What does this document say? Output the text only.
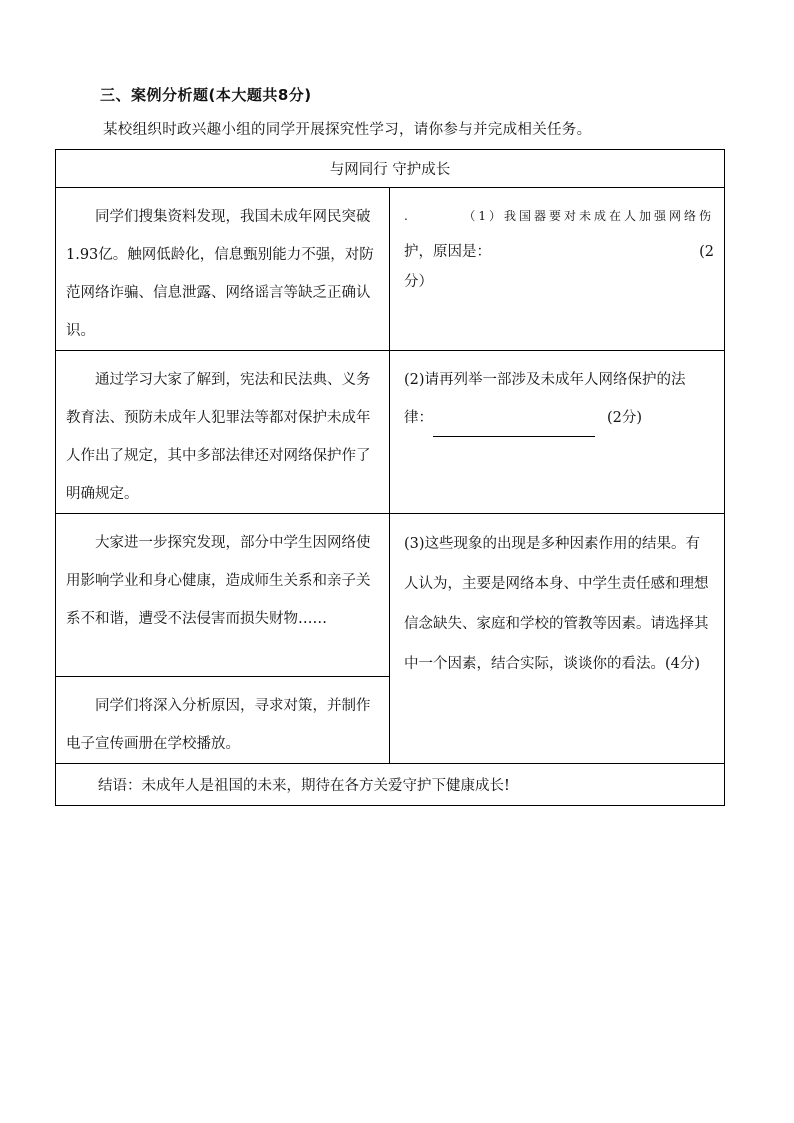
三、案例分析题(本大题共8分)
某校组织时政兴趣小组的同学开展探究性学习，请你参与并完成相关任务。
与网同行 守护成长	

同学们搜集资料发现，我国未成年网民突破1.93亿。触网低龄化，信息甄别能力不强，对防范网络诈骗、信息泄露、网络谣言等缺乏正确认识。	. （1）我国器要对未成在人加强网络伤
护，原因是： (2
分）

通过学习大家了解到，宪法和民法典、义务教育法、预防未成年人犯罪法等都对保护未成年人作出了规定，其中多部法律还对网络保护作了明确规定。	(2)请再列举一部涉及未成年人网络保护的法律： (2分)

大家进一步探究发现，部分中学生因网络使用影响学业和身心健康，造成师生关系和亲子关系不和谐，遭受不法侵害而损失财物……	(3)这些现象的出现是多种因素作用的结果。有人认为，主要是网络本身、中学生责任感和理想信念缺失、家庭和学校的管教等因素。请选择其中一个因素，结合实际，谈谈你的看法。(4分)

同学们将深入分析原因，寻求对策，并制作电子宣传画册在学校播放。	

结语：未成年人是祖国的未来，期待在各方关爱守护下健康成长!	
